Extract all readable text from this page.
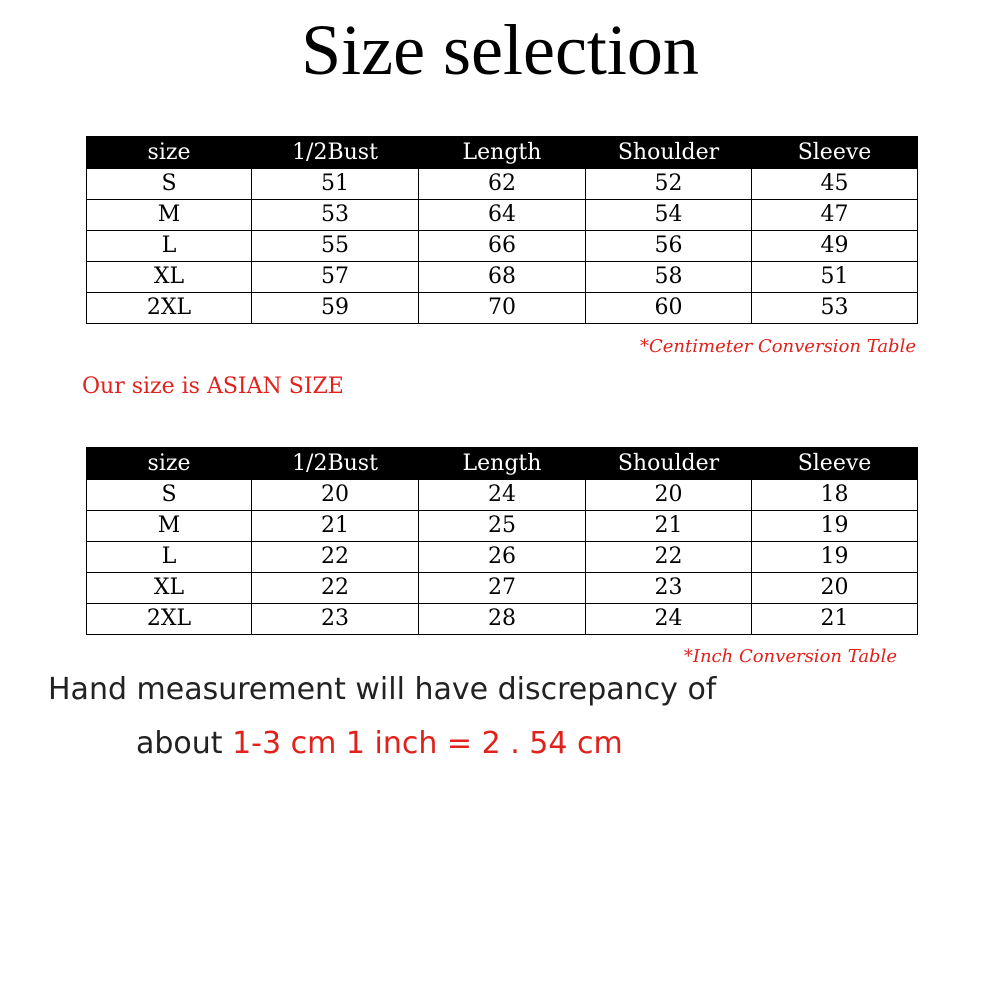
Size selection
size	1/2Bust	Length	Shoulder	Sleeve
S	51	62	52	45
M	53	64	54	47
L	55	66	56	49
XL	57	68	58	51
2XL	59	70	60	53
*Centimeter Conversion Table
Our size is ASIAN SIZE
size	1/2Bust	Length	Shoulder	Sleeve
S	20	24	20	18
M	21	25	21	19
L	22	26	22	19
XL	22	27	23	20
2XL	23	28	24	21
*Inch Conversion Table
Hand measurement will have discrepancy of
about 1-3 cm 1 inch = 2 . 54 cm
